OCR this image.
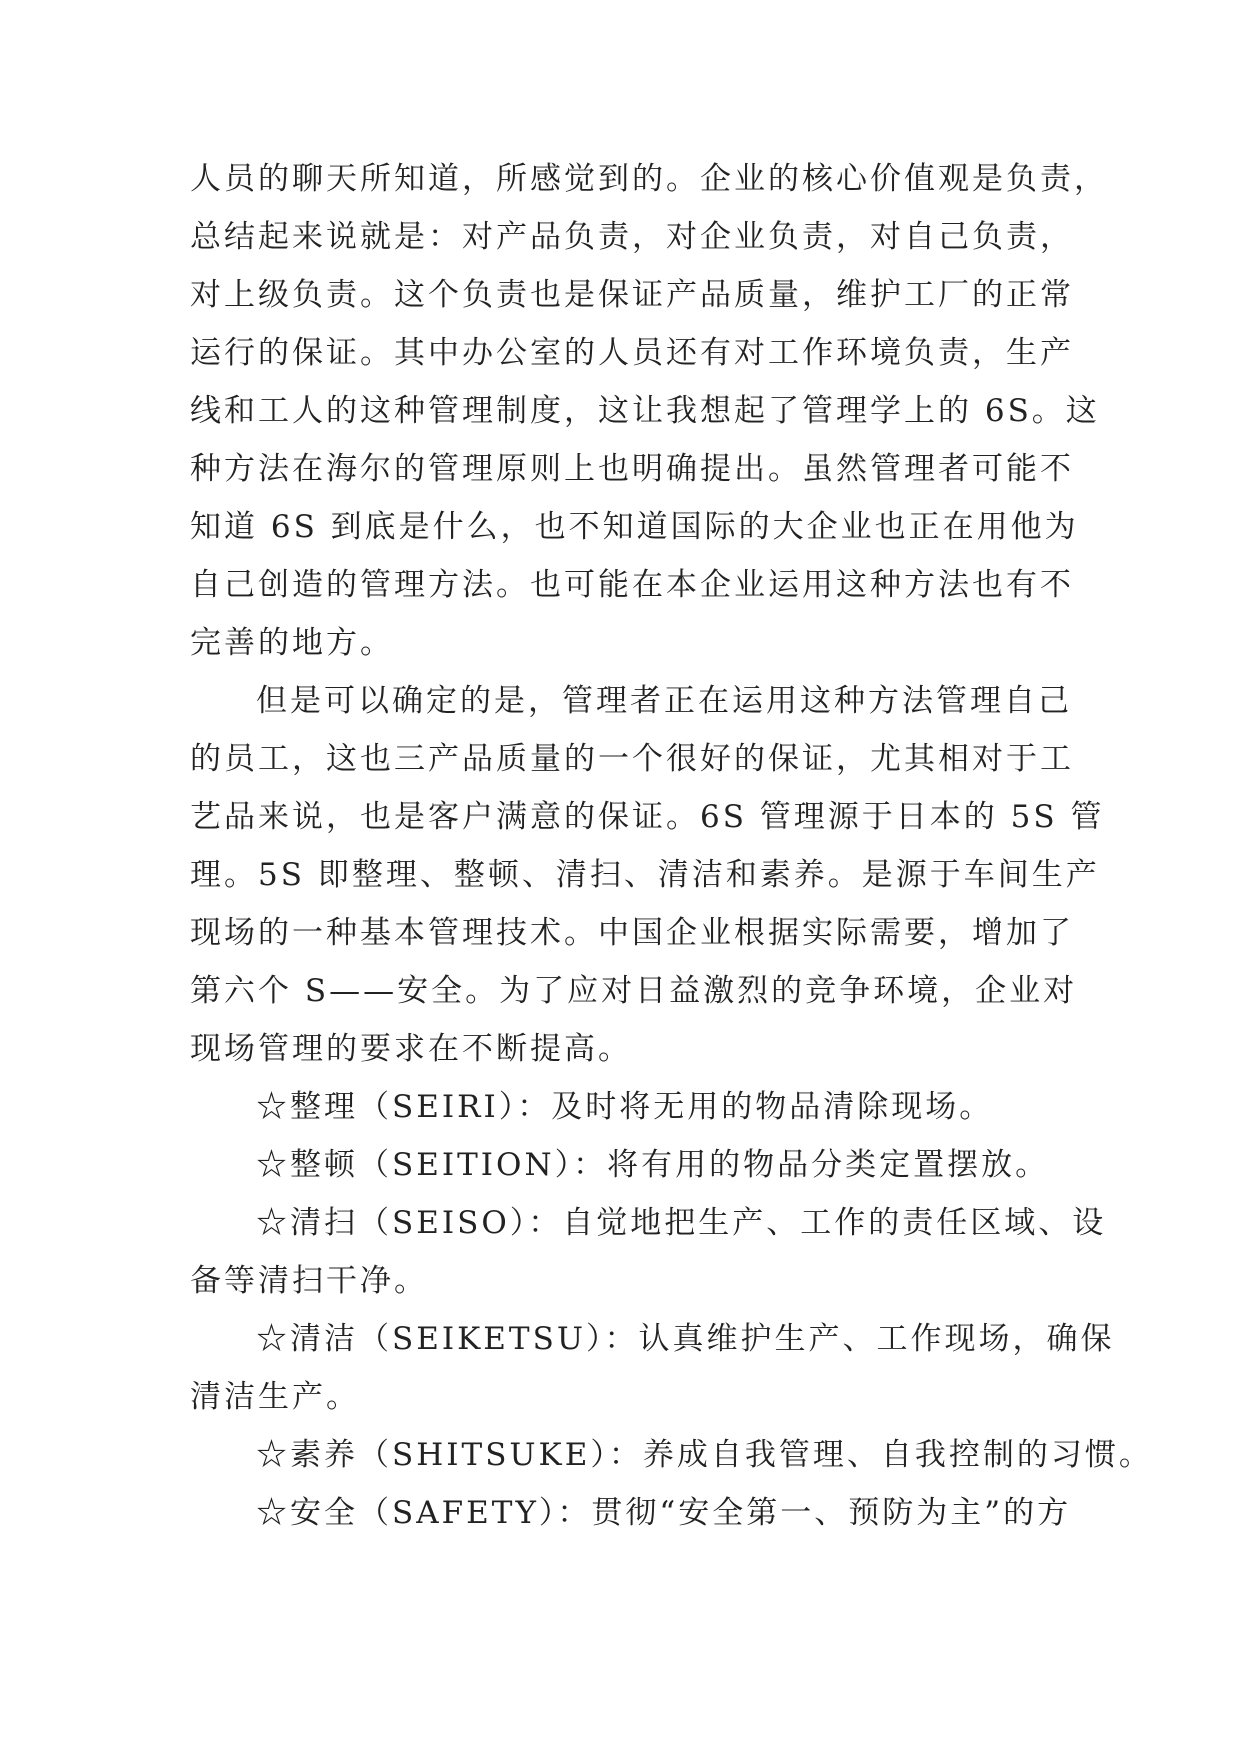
人员的聊天所知道，所感觉到的。企业的核心价值观是负责，
总结起来说就是：对产品负责，对企业负责，对自己负责，
对上级负责。这个负责也是保证产品质量，维护工厂的正常
运行的保证。其中办公室的人员还有对工作环境负责，生产
线和工人的这种管理制度，这让我想起了管理学上的 6S。这
种方法在海尔的管理原则上也明确提出。虽然管理者可能不
知道 6S 到底是什么，也不知道国际的大企业也正在用他为
自己创造的管理方法。也可能在本企业运用这种方法也有不
完善的地方。
但是可以确定的是，管理者正在运用这种方法管理自己
的员工，这也三产品质量的一个很好的保证，尤其相对于工
艺品来说，也是客户满意的保证。6S 管理源于日本的 5S 管
理。5S 即整理、整顿、清扫、清洁和素养。是源于车间生产
现场的一种基本管理技术。中国企业根据实际需要，增加了
第六个 S——安全。为了应对日益激烈的竞争环境，企业对
现场管理的要求在不断提高。
☆整理（SEIRI）：及时将无用的物品清除现场。
☆整顿（SEITION）：将有用的物品分类定置摆放。
☆清扫（SEISO）：自觉地把生产、工作的责任区域、设
备等清扫干净。
☆清洁（SEIKETSU）：认真维护生产、工作现场，确保
清洁生产。
☆素养（SHITSUKE）：养成自我管理、自我控制的习惯。
☆安全（SAFETY）：贯彻“安全第一、预防为主”的方
